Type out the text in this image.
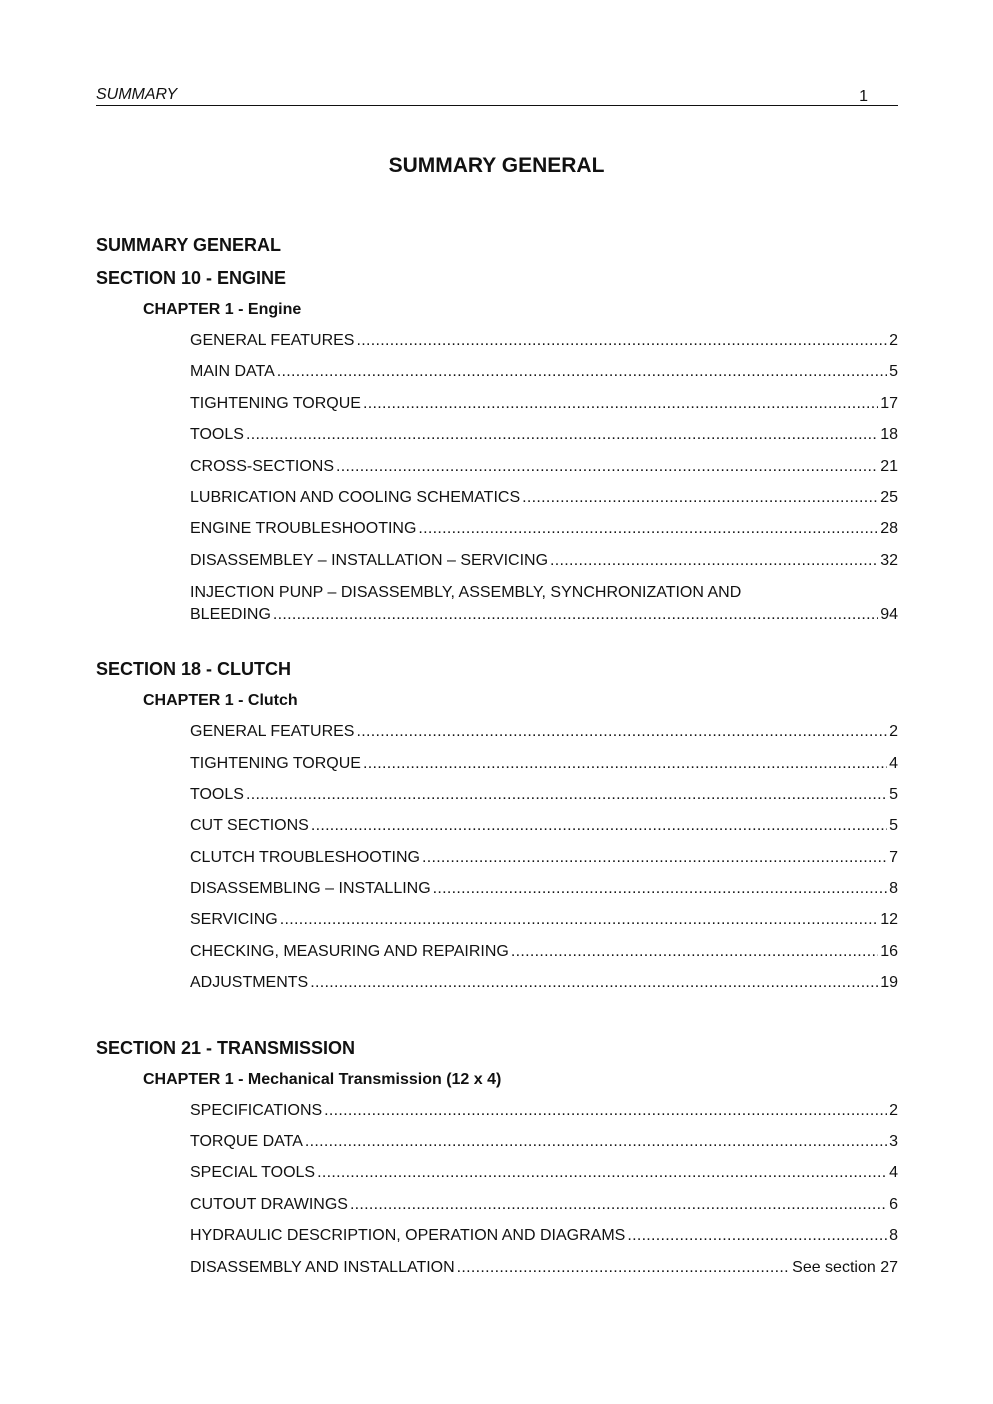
SUMMARY	1
SUMMARY GENERAL
SUMMARY GENERAL
SECTION 10 - ENGINE
CHAPTER 1 - Engine
GENERAL FEATURES .....	2
MAIN DATA .....	5
TIGHTENING TORQUE .....	17
TOOLS .....	18
CROSS-SECTIONS .....	21
LUBRICATION AND COOLING SCHEMATICS .....	25
ENGINE TROUBLESHOOTING .....	28
DISASSEMBLEY – INSTALLATION – SERVICING .....	32
INJECTION PUNP – DISASSEMBLY, ASSEMBLY, SYNCHRONIZATION AND
BLEEDING .....	94
SECTION 18 - CLUTCH
CHAPTER 1 - Clutch
GENERAL FEATURES .....	2
TIGHTENING TORQUE .....	4
TOOLS .....	5
CUT SECTIONS .....	5
CLUTCH TROUBLESHOOTING .....	7
DISASSEMBLING – INSTALLING .....	8
SERVICING .....	12
CHECKING, MEASURING AND REPAIRING .....	16
ADJUSTMENTS .....	19
SECTION 21 - TRANSMISSION
CHAPTER 1 - Mechanical Transmission (12 x 4)
SPECIFICATIONS .....	2
TORQUE DATA .....	3
SPECIAL TOOLS .....	4
CUTOUT DRAWINGS .....	6
HYDRAULIC DESCRIPTION, OPERATION AND DIAGRAMS .....	8
DISASSEMBLY AND INSTALLATION .....	See section 27
